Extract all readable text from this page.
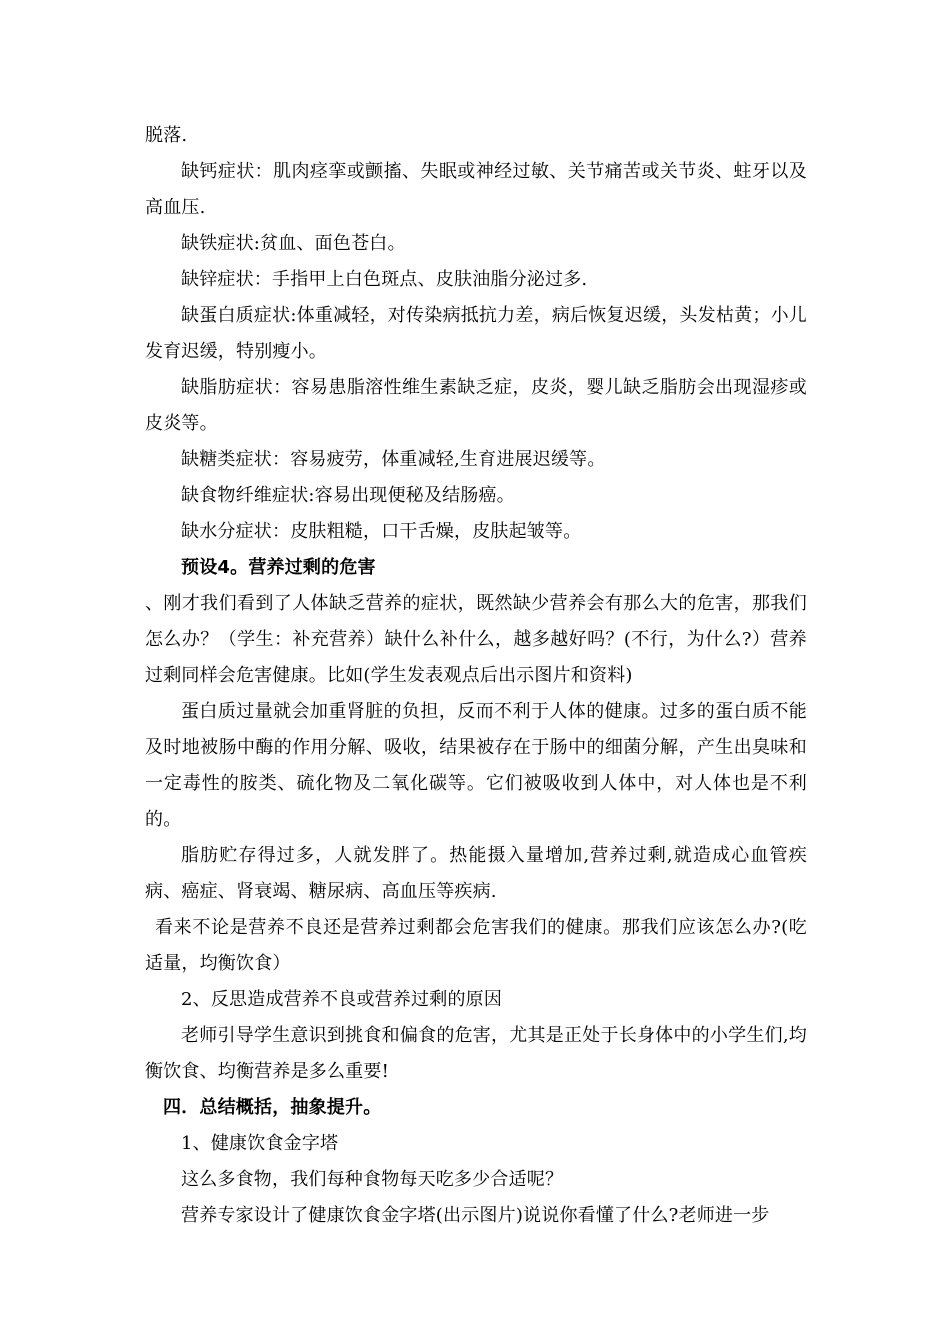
脱落.

缺钙症状：肌肉痉挛或颤搐、失眠或神经过敏、关节痛苦或关节炎、蛀牙以及高血压.

缺铁症状:贫血、面色苍白。

缺锌症状：手指甲上白色斑点、皮肤油脂分泌过多.

缺蛋白质症状:体重减轻，对传染病抵抗力差，病后恢复迟缓，头发枯黄；小儿发育迟缓，特别瘦小。

缺脂肪症状：容易患脂溶性维生素缺乏症，皮炎，婴儿缺乏脂肪会出现湿疹或皮炎等。

缺糖类症状：容易疲劳，体重减轻,生育进展迟缓等。

缺食物纤维症状:容易出现便秘及结肠癌。

缺水分症状：皮肤粗糙，口干舌燥，皮肤起皱等。

预设4。营养过剩的危害

、刚才我们看到了人体缺乏营养的症状，既然缺少营养会有那么大的危害，那我们怎么办？（学生：补充营养）缺什么补什么，越多越好吗？(不行，为什么?）营养过剩同样会危害健康。比如(学生发表观点后出示图片和资料)

蛋白质过量就会加重肾脏的负担，反而不利于人体的健康。过多的蛋白质不能及时地被肠中酶的作用分解、吸收，结果被存在于肠中的细菌分解，产生出臭味和一定毒性的胺类、硫化物及二氧化碳等。它们被吸收到人体中，对人体也是不利的。

脂肪贮存得过多，人就发胖了。热能摄入量增加,营养过剩,就造成心血管疾病、癌症、肾衰竭、糖尿病、高血压等疾病.

看来不论是营养不良还是营养过剩都会危害我们的健康。那我们应该怎么办?(吃适量，均衡饮食）

2、反思造成营养不良或营养过剩的原因

老师引导学生意识到挑食和偏食的危害，尤其是正处于长身体中的小学生们,均衡饮食、均衡营养是多么重要!

四．总结概括，抽象提升。

1、健康饮食金字塔

这么多食物，我们每种食物每天吃多少合适呢？

营养专家设计了健康饮食金字塔(出示图片)说说你看懂了什么?老师进一步
